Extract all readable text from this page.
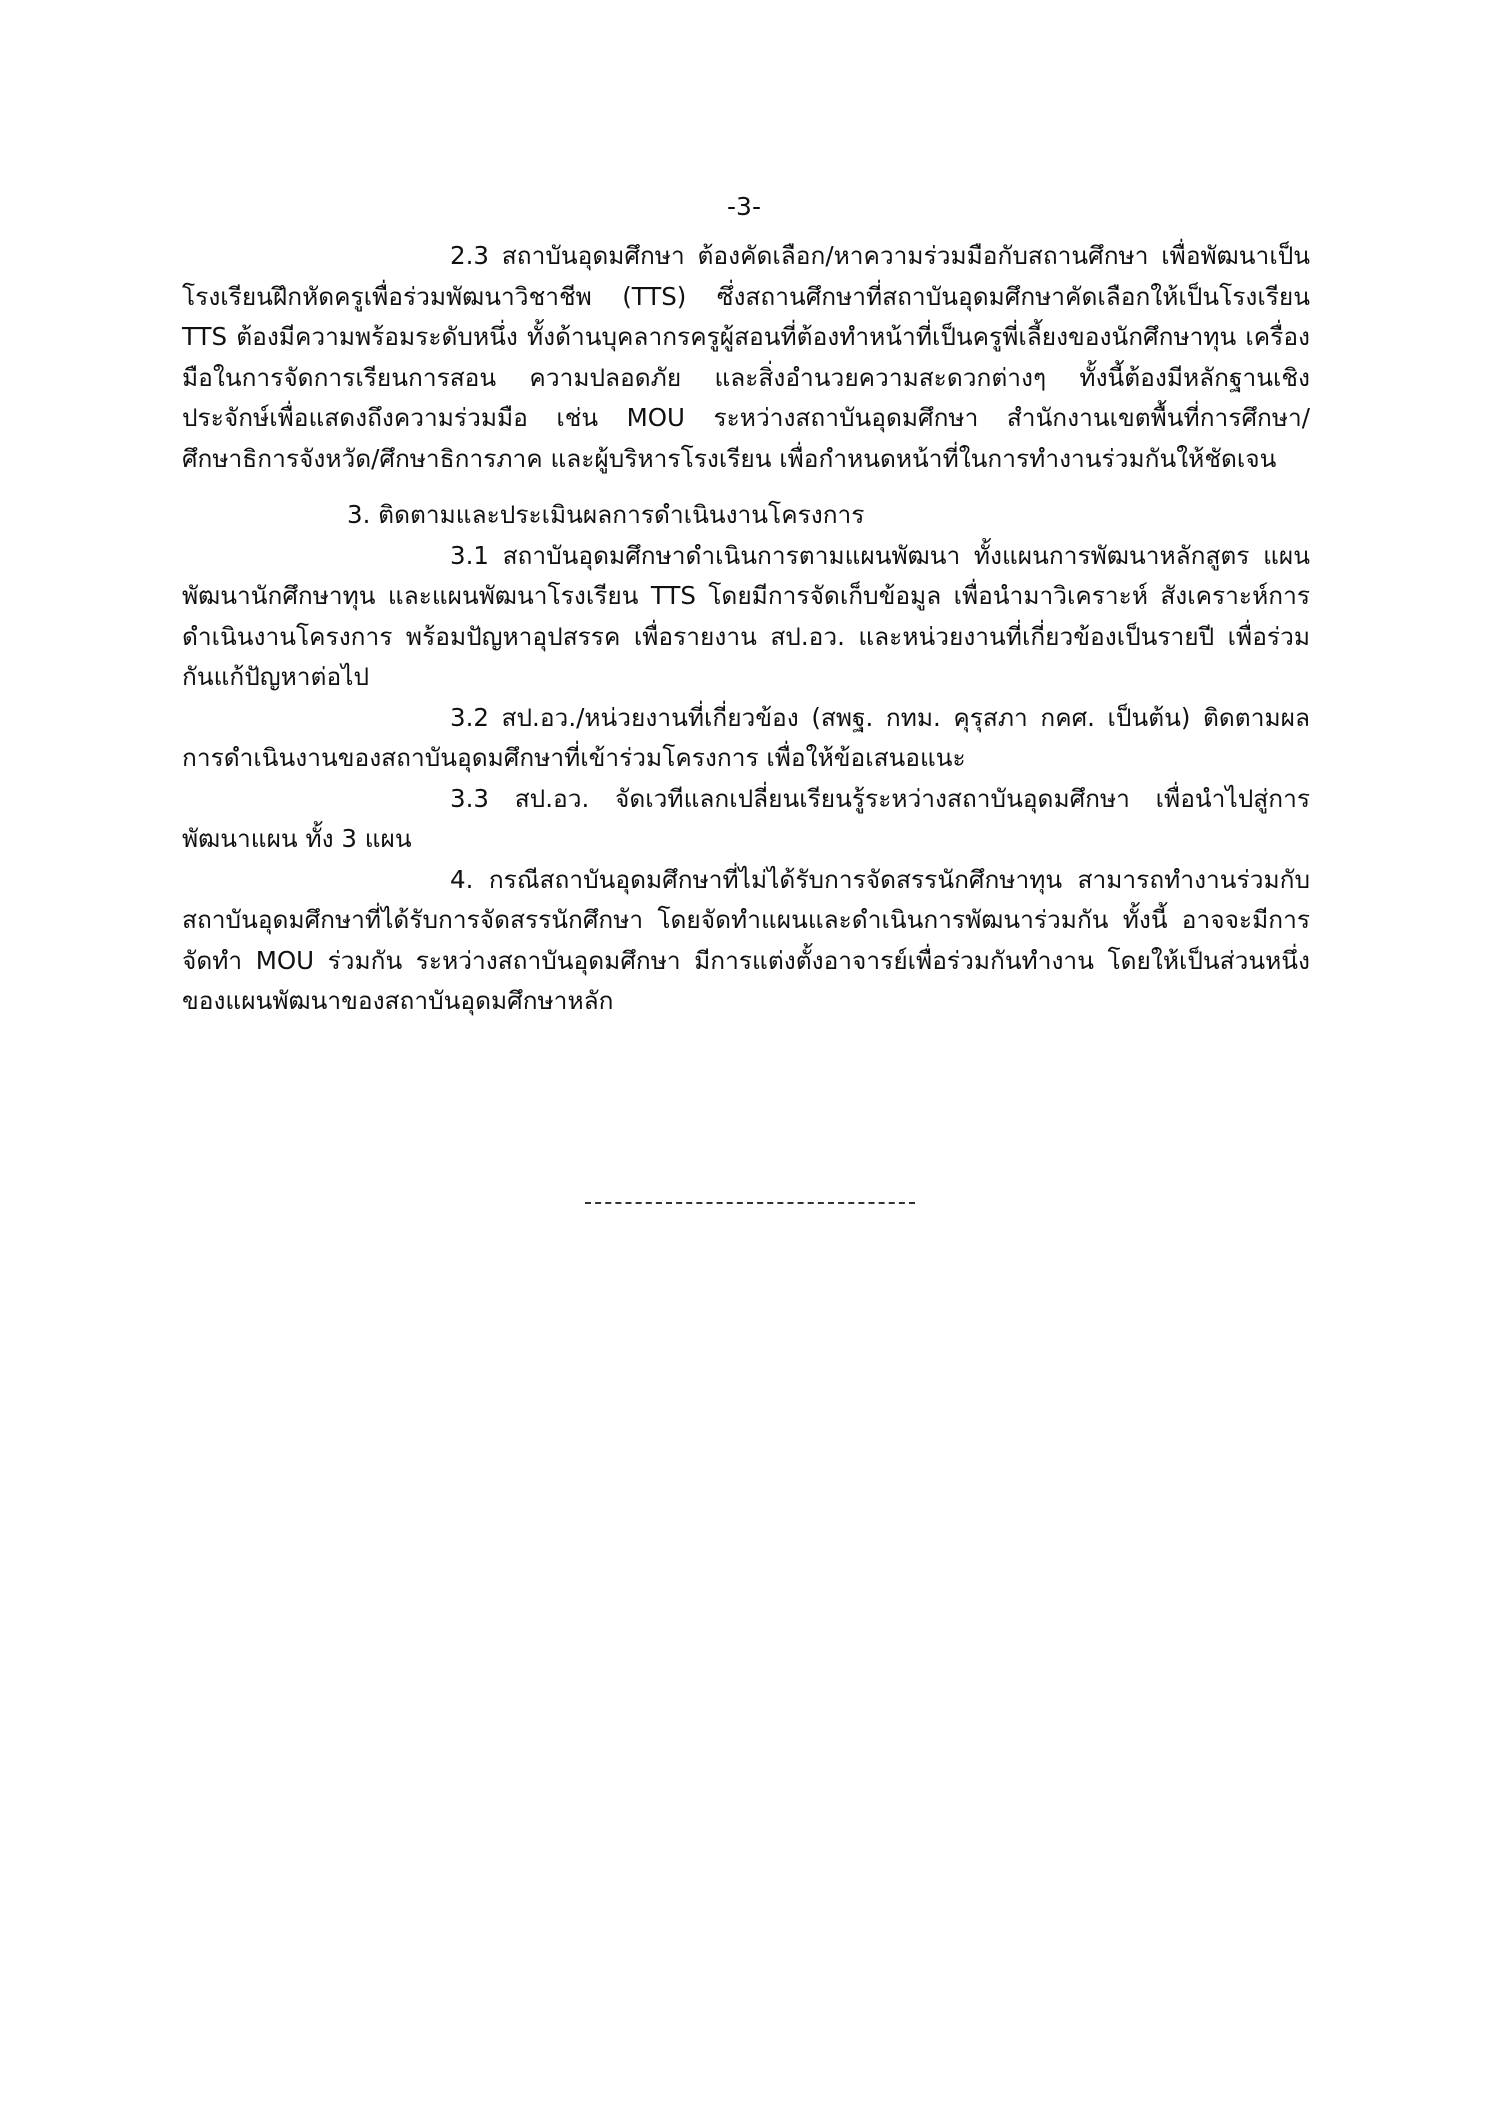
-3-

2.3 สถาบันอุดมศึกษา ต้องคัดเลือก/หาความร่วมมือกับสถานศึกษา เพื่อพัฒนาเป็นโรงเรียนฝึกหัดครูเพื่อร่วมพัฒนาวิชาชีพ (TTS) ซึ่งสถานศึกษาที่สถาบันอุดมศึกษาคัดเลือกให้เป็นโรงเรียน TTS ต้องมีความพร้อมระดับหนึ่ง ทั้งด้านบุคลากรครูผู้สอนที่ต้องทำหน้าที่เป็นครูพี่เลี้ยงของนักศึกษาทุน เครื่องมือในการจัดการเรียนการสอน ความปลอดภัย และสิ่งอำนวยความสะดวกต่างๆ ทั้งนี้ต้องมีหลักฐานเชิงประจักษ์เพื่อแสดงถึงความร่วมมือ เช่น MOU ระหว่างสถาบันอุดมศึกษา สำนักงานเขตพื้นที่การศึกษา/ศึกษาธิการจังหวัด/ศึกษาธิการภาค และผู้บริหารโรงเรียน เพื่อกำหนดหน้าที่ในการทำงานร่วมกันให้ชัดเจน

3. ติดตามและประเมินผลการดำเนินงานโครงการ

3.1 สถาบันอุดมศึกษาดำเนินการตามแผนพัฒนา ทั้งแผนการพัฒนาหลักสูตร แผนพัฒนานักศึกษาทุน และแผนพัฒนาโรงเรียน TTS โดยมีการจัดเก็บข้อมูล เพื่อนำมาวิเคราะห์ สังเคราะห์การดำเนินงานโครงการ พร้อมปัญหาอุปสรรค เพื่อรายงาน สป.อว. และหน่วยงานที่เกี่ยวข้องเป็นรายปี เพื่อร่วมกันแก้ปัญหาต่อไป

3.2 สป.อว./หน่วยงานที่เกี่ยวข้อง (สพฐ. กทม. คุรุสภา กคศ. เป็นต้น) ติดตามผลการดำเนินงานของสถาบันอุดมศึกษาที่เข้าร่วมโครงการ เพื่อให้ข้อเสนอแนะ

3.3 สป.อว. จัดเวทีแลกเปลี่ยนเรียนรู้ระหว่างสถาบันอุดมศึกษา เพื่อนำไปสู่การพัฒนาแผน ทั้ง 3 แผน

4. กรณีสถาบันอุดมศึกษาที่ไม่ได้รับการจัดสรรนักศึกษาทุน สามารถทำงานร่วมกับสถาบันอุดมศึกษาที่ได้รับการจัดสรรนักศึกษา โดยจัดทำแผนและดำเนินการพัฒนาร่วมกัน ทั้งนี้ อาจจะมีการจัดทำ MOU ร่วมกัน ระหว่างสถาบันอุดมศึกษา มีการแต่งตั้งอาจารย์เพื่อร่วมกันทำงาน โดยให้เป็นส่วนหนึ่งของแผนพัฒนาของสถาบันอุดมศึกษาหลัก
